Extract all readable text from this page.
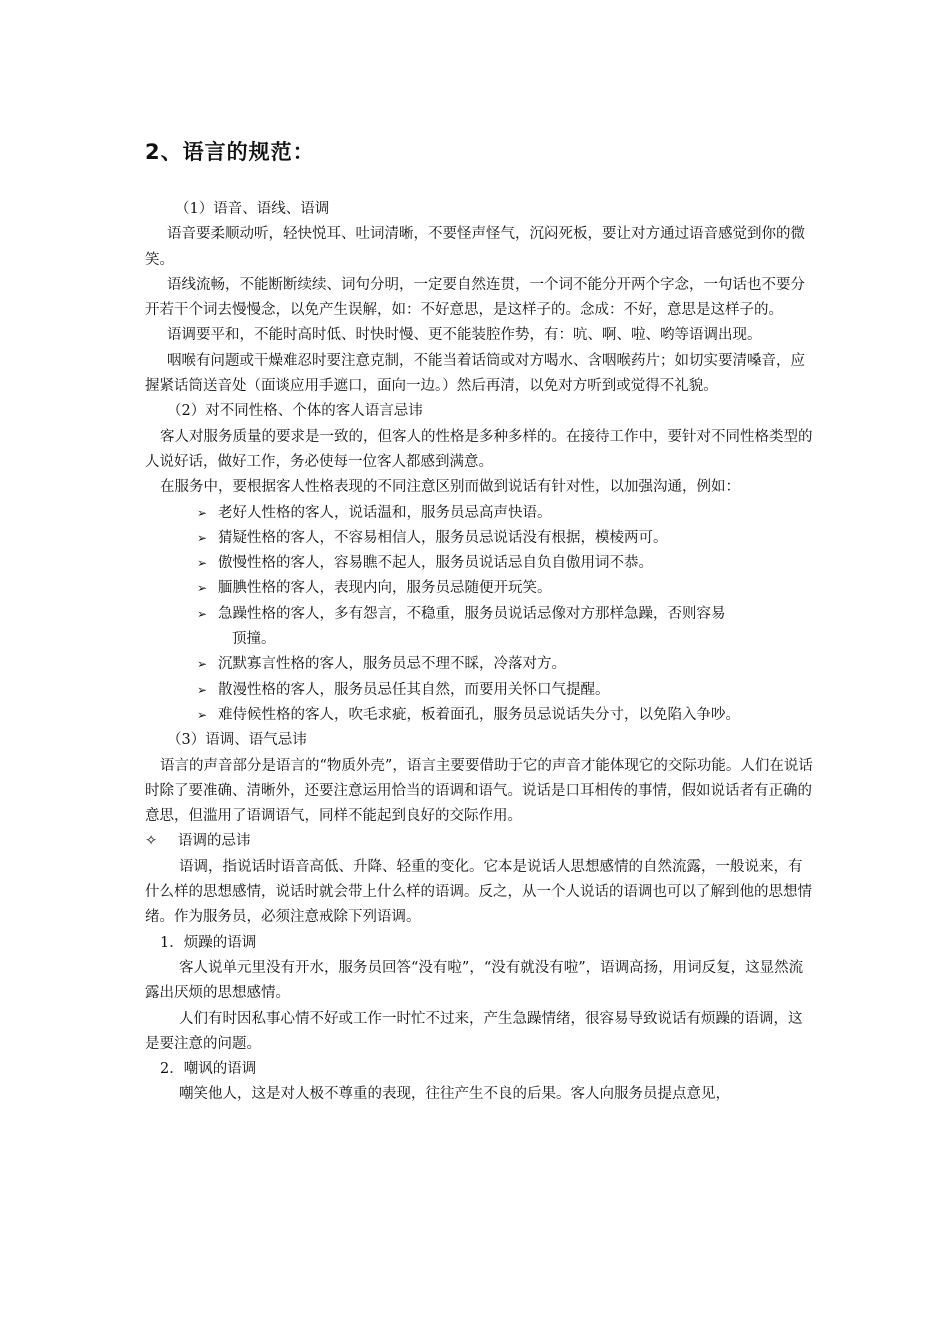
2、语言的规范：

（1）语音、语线、语调

语音要柔顺动听，轻快悦耳、吐词清晰，不要怪声怪气，沉闷死板，要让对方通过语音感觉到你的微笑。

语线流畅，不能断断续续、词句分明，一定要自然连贯，一个词不能分开两个字念，一句话也不要分开若干个词去慢慢念，以免产生误解，如：不好意思，是这样子的。念成：不好，意思是这样子的。

语调要平和，不能时高时低、时快时慢、更不能装腔作势，有：吭、啊、啦、哟等语调出现。

咽喉有问题或干燥难忍时要注意克制，不能当着话筒或对方喝水、含咽喉药片；如切实要清嗓音，应握紧话筒送音处（面谈应用手遮口，面向一边。）然后再清，以免对方听到或觉得不礼貌。

（2）对不同性格、个体的客人语言忌讳

客人对服务质量的要求是一致的，但客人的性格是多种多样的。在接待工作中，要针对不同性格类型的人说好话，做好工作，务必使每一位客人都感到满意。

在服务中，要根据客人性格表现的不同注意区别而做到说话有针对性，以加强沟通，例如：

➢ 老好人性格的客人，说话温和，服务员忌高声快语。

➢ 猜疑性格的客人，不容易相信人，服务员忌说话没有根据，模棱两可。

➢ 傲慢性格的客人，容易瞧不起人，服务员说话忌自负自傲用词不恭。

➢ 腼腆性格的客人，表现内向，服务员忌随便开玩笑。

➢ 急躁性格的客人，多有怨言，不稳重，服务员说话忌像对方那样急躁，否则容易
顶撞。

➢ 沉默寡言性格的客人，服务员忌不理不睬，冷落对方。

➢ 散漫性格的客人，服务员忌任其自然，而要用关怀口气提醒。

➢ 难侍候性格的客人，吹毛求疵，板着面孔，服务员忌说话失分寸，以免陷入争吵。

（3）语调、语气忌讳

语言的声音部分是语言的“物质外壳”，语言主要要借助于它的声音才能体现它的交际功能。人们在说话时除了要准确、清晰外，还要注意运用恰当的语调和语气。说话是口耳相传的事情，假如说话者有正确的意思，但滥用了语调语气，同样不能起到良好的交际作用。

✧ 语调的忌讳

语调，指说话时语音高低、升降、轻重的变化。它本是说话人思想感情的自然流露，一般说来，有什么样的思想感情，说话时就会带上什么样的语调。反之，从一个人说话的语调也可以了解到他的思想情绪。作为服务员，必须注意戒除下列语调。

1．烦躁的语调

客人说单元里没有开水，服务员回答“没有啦”，“没有就没有啦”，语调高扬，用词反复，这显然流露出厌烦的思想感情。

人们有时因私事心情不好或工作一时忙不过来，产生急躁情绪，很容易导致说话有烦躁的语调，这是要注意的问题。

2．嘲讽的语调

嘲笑他人，这是对人极不尊重的表现，往往产生不良的后果。客人向服务员提点意见，
